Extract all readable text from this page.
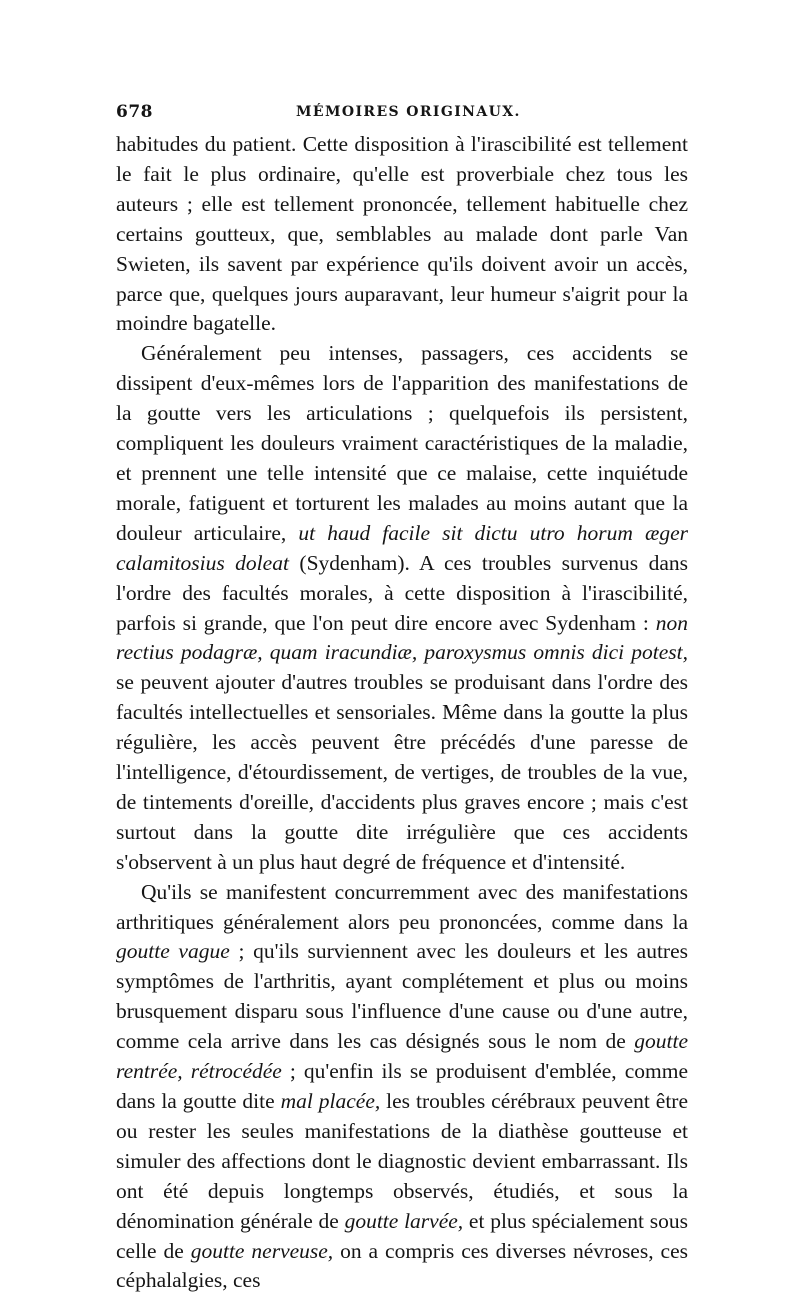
678	MÉMOIRES ORIGINAUX.

habitudes du patient. Cette disposition à l'irascibilité est tellement le fait le plus ordinaire, qu'elle est proverbiale chez tous les auteurs ; elle est tellement prononcée, tellement habituelle chez certains goutteux, que, semblables au malade dont parle Van Swieten, ils savent par expérience qu'ils doivent avoir un accès, parce que, quelques jours auparavant, leur humeur s'aigrit pour la moindre bagatelle.

Généralement peu intenses, passagers, ces accidents se dissipent d'eux-mêmes lors de l'apparition des manifestations de la goutte vers les articulations ; quelquefois ils persistent, compliquent les douleurs vraiment caractéristiques de la maladie, et prennent une telle intensité que ce malaise, cette inquiétude morale, fatiguent et torturent les malades au moins autant que la douleur articulaire, ut haud facile sit dictu utro horum æger calamitosius doleat (Sydenham). A ces troubles survenus dans l'ordre des facultés morales, à cette disposition à l'irascibilité, parfois si grande, que l'on peut dire encore avec Sydenham : non rectius podagræ, quam iracundiæ, paroxysmus omnis dici potest, se peuvent ajouter d'autres troubles se produisant dans l'ordre des facultés intellectuelles et sensoriales. Même dans la goutte la plus régulière, les accès peuvent être précédés d'une paresse de l'intelligence, d'étourdissement, de vertiges, de troubles de la vue, de tintements d'oreille, d'accidents plus graves encore ; mais c'est surtout dans la goutte dite irrégulière que ces accidents s'observent à un plus haut degré de fréquence et d'intensité.

Qu'ils se manifestent concurremment avec des manifestations arthritiques généralement alors peu prononcées, comme dans la goutte vague ; qu'ils surviennent avec les douleurs et les autres symptômes de l'arthritis, ayant complétement et plus ou moins brusquement disparu sous l'influence d'une cause ou d'une autre, comme cela arrive dans les cas désignés sous le nom de goutte rentrée, rétrocédée ; qu'enfin ils se produisent d'emblée, comme dans la goutte dite mal placée, les troubles cérébraux peuvent être ou rester les seules manifestations de la diathèse goutteuse et simuler des affections dont le diagnostic devient embarrassant. Ils ont été depuis longtemps observés, étudiés, et sous la dénomination générale de goutte larvée, et plus spécialement sous celle de goutte nerveuse, on a compris ces diverses névroses, ces céphalalgies, ces
